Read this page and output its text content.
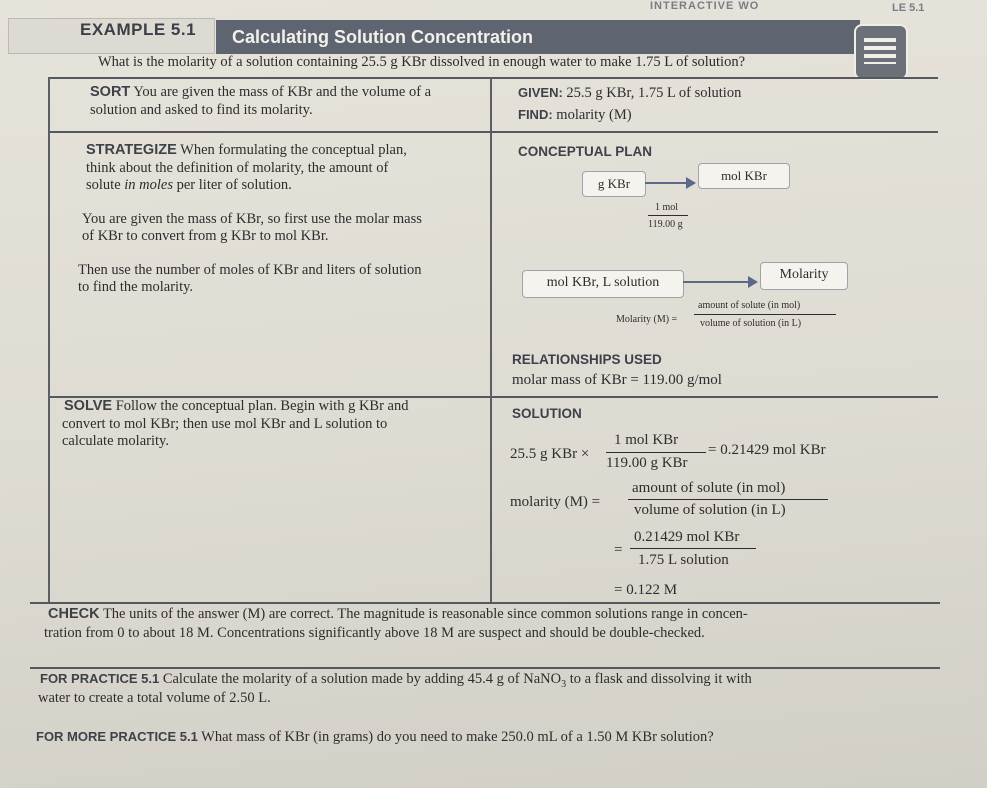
INTERACTIVE WO	LE 5.1
EXAMPLE 5.1 Calculating Solution Concentration
What is the molarity of a solution containing 25.5 g KBr dissolved in enough water to make 1.75 L of solution?
SORT You are given the mass of KBr and the volume of a
solution and asked to find its molarity.
GIVEN: 25.5 g KBr, 1.75 L of solution
FIND: molarity (M)
STRATEGIZE When formulating the conceptual plan,
think about the definition of molarity, the amount of
solute in moles per liter of solution.
You are given the mass of KBr, so first use the molar mass
of KBr to convert from g KBr to mol KBr.
Then use the number of moles of KBr and liters of solution
to find the molarity.
CONCEPTUAL PLAN
g KBr
mol KBr
1 mol
119.00 g
mol KBr, L solution
Molarity
Molarity (M) =
amount of solute (in mol)
volume of solution (in L)
RELATIONSHIPS USED
molar mass of KBr = 119.00 g/mol
SOLVE Follow the conceptual plan. Begin with g KBr and
convert to mol KBr; then use mol KBr and L solution to
calculate molarity.
SOLUTION
25.5 g KBr ×
1 mol KBr
119.00 g KBr
= 0.21429 mol KBr
molarity (M) =
amount of solute (in mol)
volume of solution (in L)
=
0.21429 mol KBr
1.75 L solution
= 0.122 M
CHECK The units of the answer (M) are correct. The magnitude is reasonable since common solutions range in concen-
tration from 0 to about 18 M. Concentrations significantly above 18 M are suspect and should be double-checked.
FOR PRACTICE 5.1 Calculate the molarity of a solution made by adding 45.4 g of NaNO$_3$ to a flask and dissolving it with
water to create a total volume of 2.50 L.
FOR MORE PRACTICE 5.1 What mass of KBr (in grams) do you need to make 250.0 mL of a 1.50 M KBr solution?
